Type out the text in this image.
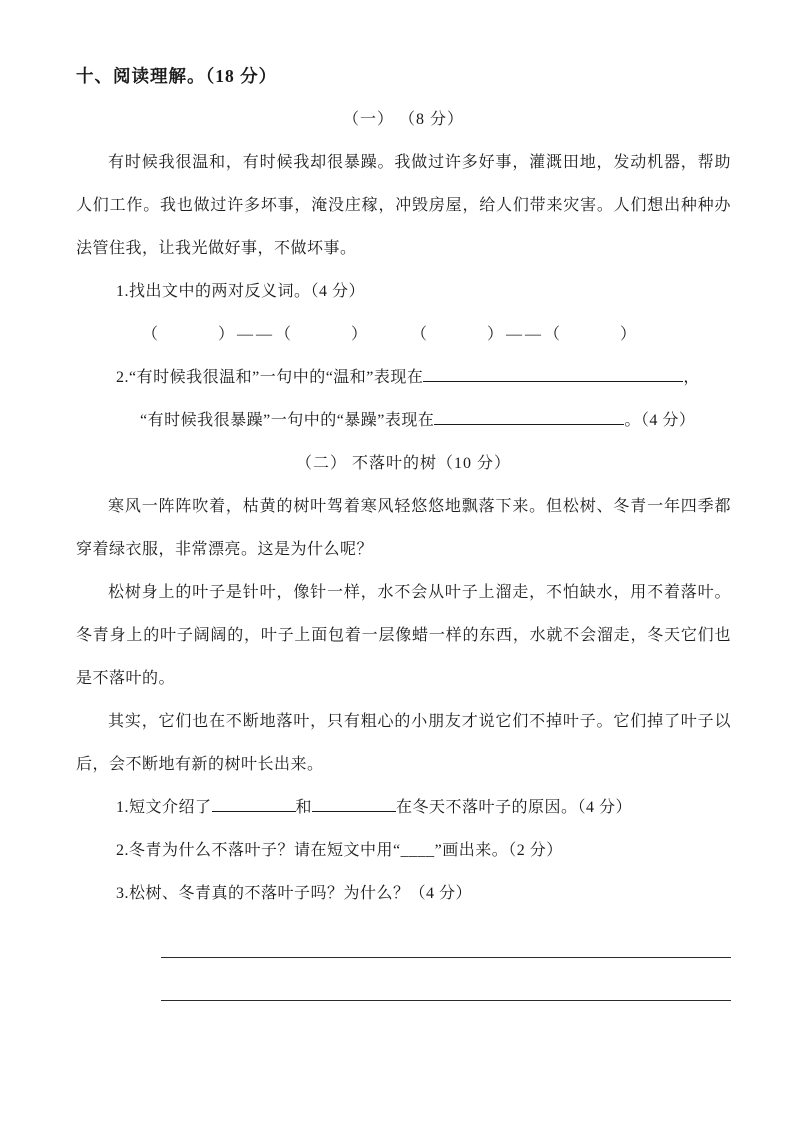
十、阅读理解。（18 分）
（一） （8 分）

有时候我很温和，有时候我却很暴躁。我做过许多好事，灌溉田地，发动机器，帮助人们工作。我也做过许多坏事，淹没庄稼，冲毁房屋，给人们带来灾害。人们想出种种办法管住我，让我光做好事，不做坏事。

1.找出文中的两对反义词。（4 分）
（　　　）——（　　　）　　　（　　　）——（　　　）
2.“有时候我很温和”一句中的“温和”表现在	，
“有时候我很暴躁”一句中的“暴躁”表现在	。（4 分）
（二） 不落叶的树（10 分）

寒风一阵阵吹着，枯黄的树叶驾着寒风轻悠悠地飘落下来。但松树、冬青一年四季都穿着绿衣服，非常漂亮。这是为什么呢？

松树身上的叶子是针叶，像针一样，水不会从叶子上溜走，不怕缺水，用不着落叶。冬青身上的叶子阔阔的，叶子上面包着一层像蜡一样的东西，水就不会溜走，冬天它们也是不落叶的。

其实，它们也在不断地落叶，只有粗心的小朋友才说它们不掉叶子。它们掉了叶子以后，会不断地有新的树叶长出来。

1.短文介绍了	和	在冬天不落叶子的原因。（4 分）
2.冬青为什么不落叶子？请在短文中用“____”画出来。（2 分）
3.松树、冬青真的不落叶子吗？为什么？（4 分）
